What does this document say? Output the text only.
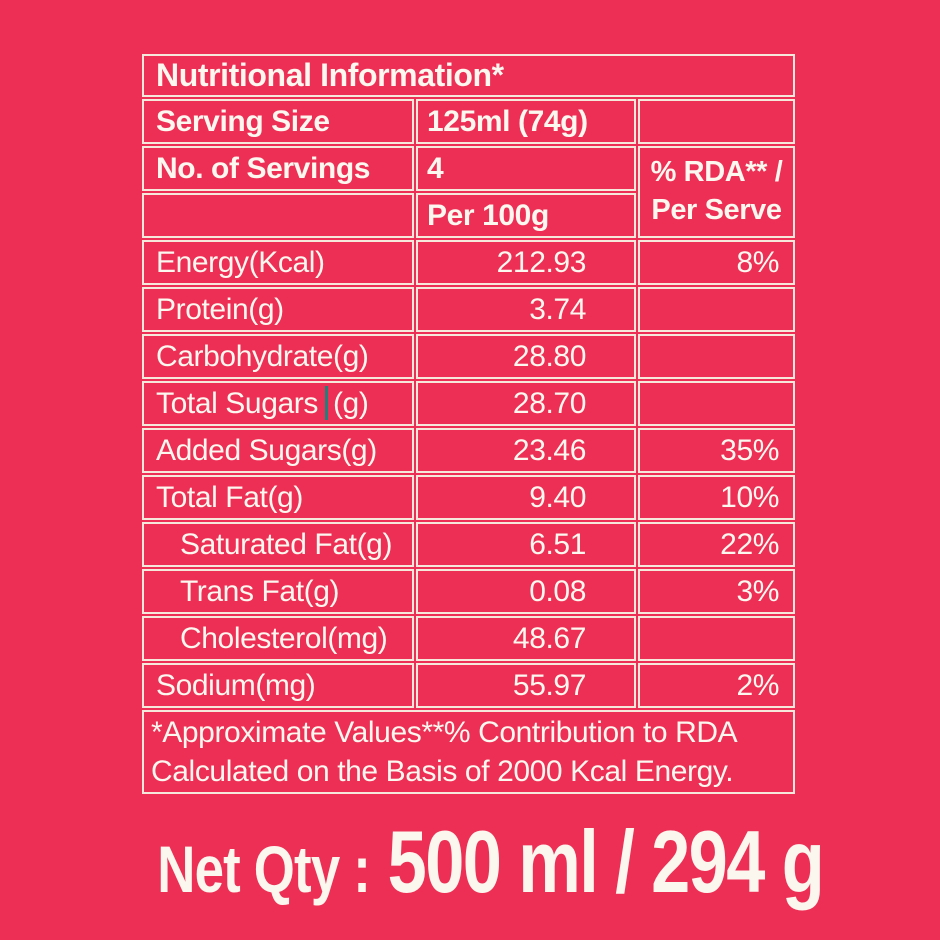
Nutritional Information*		
Serving Size	125ml (74g)	
No. of Servings	4	% RDA** /
Per Serve

	Per 100g	
Energy(Kcal)	212.93	8%
Protein(g)	3.74	
Carbohydrate(g)	28.80	
Total Sugars (g)	28.70	
Added Sugars(g)	23.46	35%
Total Fat(g)	9.40	10%
Saturated Fat(g)	6.51	22%
Trans Fat(g)	0.08	3%
Cholesterol(mg)	48.67	
Sodium(mg)	55.97	2%

*Approximate Values**% Contribution to RDA
Calculated on the Basis of 2000 Kcal Energy.		
Net Qty : 500 ml / 294 g
